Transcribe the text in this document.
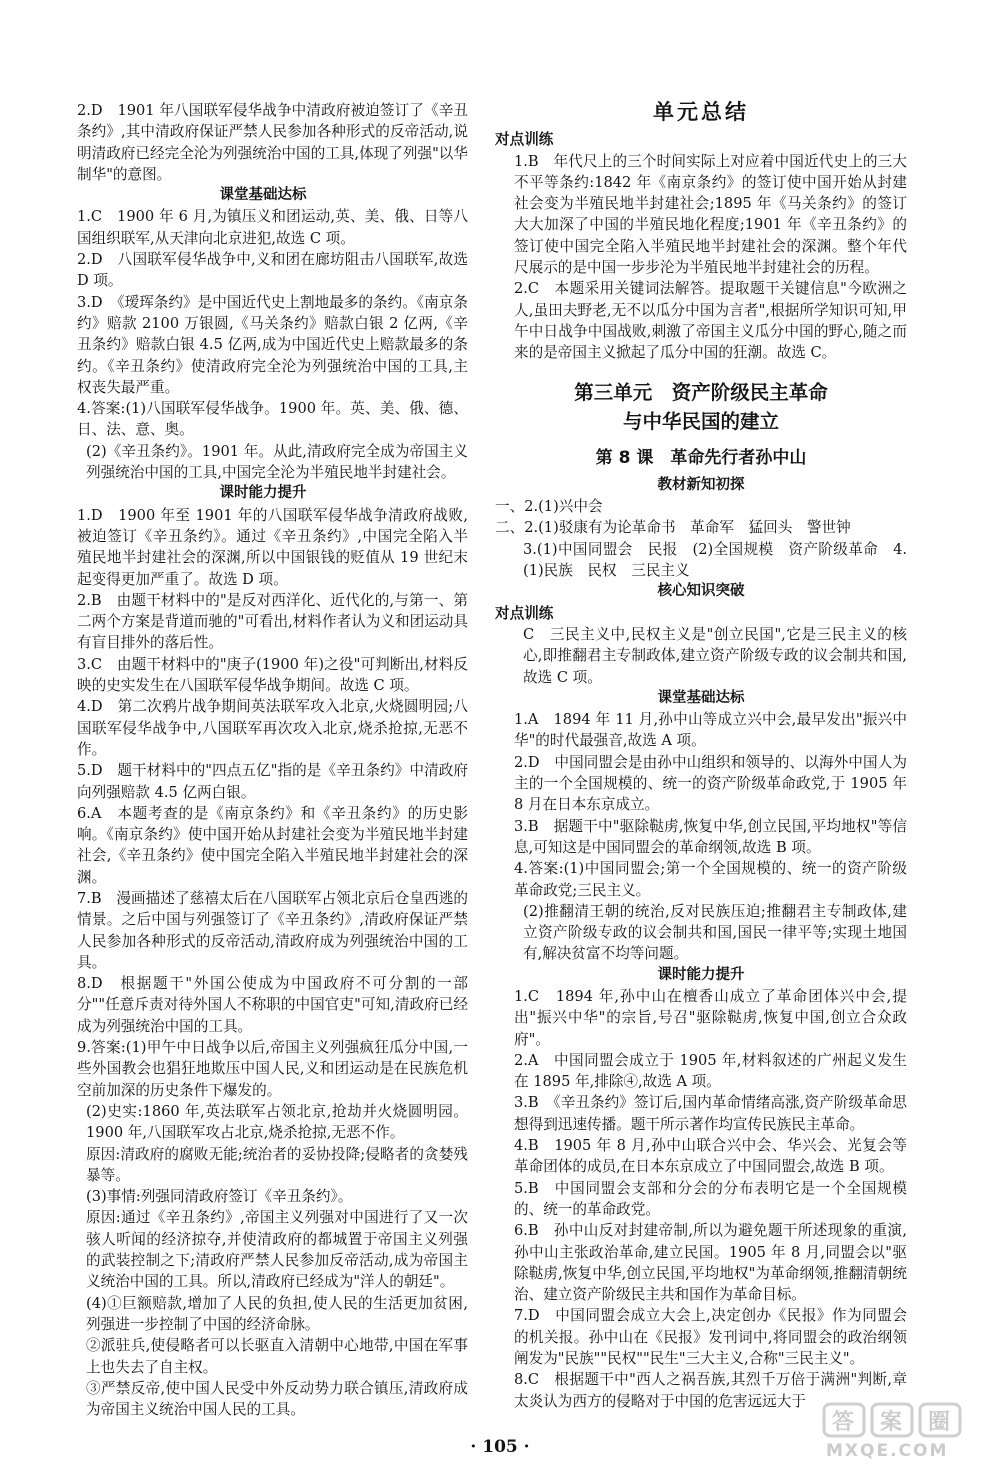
2.D　1901 年八国联军侵华战争中清政府被迫签订了《辛丑条约》,其中清政府保证严禁人民参加各种形式的反帝活动,说明清政府已经完全沦为列强统治中国的工具,体现了列强"以华制华"的意图。

课堂基础达标

1.C　1900 年 6 月,为镇压义和团运动,英、美、俄、日等八国组织联军,从天津向北京进犯,故选 C 项。

2.D　八国联军侵华战争中,义和团在廊坊阻击八国联军,故选 D 项。

3.D　《瑷珲条约》是中国近代史上割地最多的条约。《南京条约》赔款 2100 万银圆,《马关条约》赔款白银 2 亿两,《辛丑条约》赔款白银 4.5 亿两,成为中国近代史上赔款最多的条约。《辛丑条约》使清政府完全沦为列强统治中国的工具,主权丧失最严重。

4.答案:(1)八国联军侵华战争。1900 年。英、美、俄、德、日、法、意、奥。

(2)《辛丑条约》。1901 年。从此,清政府完全成为帝国主义列强统治中国的工具,中国完全沦为半殖民地半封建社会。

课时能力提升

1.D　1900 年至 1901 年的八国联军侵华战争清政府战败,被迫签订《辛丑条约》。通过《辛丑条约》,中国完全陷入半殖民地半封建社会的深渊,所以中国银钱的贬值从 19 世纪末起变得更加严重了。故选 D 项。

2.B　由题干材料中的"是反对西洋化、近代化的,与第一、第二两个方案是背道而驰的"可看出,材料作者认为义和团运动具有盲目排外的落后性。

3.C　由题干材料中的"庚子(1900 年)之役"可判断出,材料反映的史实发生在八国联军侵华战争期间。故选 C 项。

4.D　第二次鸦片战争期间英法联军攻入北京,火烧圆明园;八国联军侵华战争中,八国联军再次攻入北京,烧杀抢掠,无恶不作。

5.D　题干材料中的"四点五亿"指的是《辛丑条约》中清政府向列强赔款 4.5 亿两白银。

6.A　本题考查的是《南京条约》和《辛丑条约》的历史影响。《南京条约》使中国开始从封建社会变为半殖民地半封建社会,《辛丑条约》使中国完全陷入半殖民地半封建社会的深渊。

7.B　漫画描述了慈禧太后在八国联军占领北京后仓皇西逃的情景。之后中国与列强签订了《辛丑条约》,清政府保证严禁人民参加各种形式的反帝活动,清政府成为列强统治中国的工具。

8.D　根据题干"外国公使成为中国政府不可分割的一部分""任意斥责对待外国人不称职的中国官吏"可知,清政府已经成为列强统治中国的工具。

9.答案:(1)甲午中日战争以后,帝国主义列强疯狂瓜分中国,一些外国教会也猖狂地欺压中国人民,义和团运动是在民族危机空前加深的历史条件下爆发的。

(2)史实:1860 年,英法联军占领北京,抢劫并火烧圆明园。1900 年,八国联军攻占北京,烧杀抢掠,无恶不作。

原因:清政府的腐败无能;统治者的妥协投降;侵略者的贪婪残暴等。

(3)事情:列强同清政府签订《辛丑条约》。

原因:通过《辛丑条约》,帝国主义列强对中国进行了又一次骇人听闻的经济掠夺,并使清政府的都城置于帝国主义列强的武装控制之下;清政府严禁人民参加反帝活动,成为帝国主义统治中国的工具。所以,清政府已经成为"洋人的朝廷"。

(4)①巨额赔款,增加了人民的负担,使人民的生活更加贫困,列强进一步控制了中国的经济命脉。

②派驻兵,使侵略者可以长驱直入清朝中心地带,中国在军事上也失去了自主权。

③严禁反帝,使中国人民受中外反动势力联合镇压,清政府成为帝国主义统治中国人民的工具。

单元总结

对点训练

1.B　年代尺上的三个时间实际上对应着中国近代史上的三大不平等条约:1842 年《南京条约》的签订使中国开始从封建社会变为半殖民地半封建社会;1895 年《马关条约》的签订大大加深了中国的半殖民地化程度;1901 年《辛丑条约》的签订使中国完全陷入半殖民地半封建社会的深渊。整个年代尺展示的是中国一步步沦为半殖民地半封建社会的历程。

2.C　本题采用关键词法解答。提取题干关键信息"今欧洲之人,虽田夫野老,无不以瓜分中国为言者",根据所学知识可知,甲午中日战争中国战败,刺激了帝国主义瓜分中国的野心,随之而来的是帝国主义掀起了瓜分中国的狂潮。故选 C。

第三单元　资产阶级民主革命
与中华民国的建立
第 8 课　革命先行者孙中山

教材新知初探

一、2.(1)兴中会

二、2.(1)驳康有为论革命书　革命军　猛回头　警世钟

3.(1)中国同盟会　民报　(2)全国规模　资产阶级革命　4.(1)民族　民权　三民主义

核心知识突破

对点训练

C　三民主义中,民权主义是"创立民国",它是三民主义的核心,即推翻君主专制政体,建立资产阶级专政的议会制共和国,故选 C 项。

课堂基础达标

1.A　1894 年 11 月,孙中山等成立兴中会,最早发出"振兴中华"的时代最强音,故选 A 项。

2.D　中国同盟会是由孙中山组织和领导的、以海外中国人为主的一个全国规模的、统一的资产阶级革命政党,于 1905 年 8 月在日本东京成立。

3.B　据题干中"驱除鞑虏,恢复中华,创立民国,平均地权"等信息,可知这是中国同盟会的革命纲领,故选 B 项。

4.答案:(1)中国同盟会;第一个全国规模的、统一的资产阶级革命政党;三民主义。

(2)推翻清王朝的统治,反对民族压迫;推翻君主专制政体,建立资产阶级专政的议会制共和国,国民一律平等;实现土地国有,解决贫富不均等问题。

课时能力提升

1.C　1894 年,孙中山在檀香山成立了革命团体兴中会,提出"振兴中华"的宗旨,号召"驱除鞑虏,恢复中国,创立合众政府"。

2.A　中国同盟会成立于 1905 年,材料叙述的广州起义发生在 1895 年,排除④,故选 A 项。

3.B　《辛丑条约》签订后,国内革命情绪高涨,资产阶级革命思想得到迅速传播。题干所示著作均宣传民族民主革命。

4.B　1905 年 8 月,孙中山联合兴中会、华兴会、光复会等革命团体的成员,在日本东京成立了中国同盟会,故选 B 项。

5.B　中国同盟会支部和分会的分布表明它是一个全国规模的、统一的革命政党。

6.B　孙中山反对封建帝制,所以为避免题干所述现象的重演,孙中山主张政治革命,建立民国。1905 年 8 月,同盟会以"驱除鞑虏,恢复中华,创立民国,平均地权"为革命纲领,推翻清朝统治、建立资产阶级民主共和国作为革命目标。

7.D　中国同盟会成立大会上,决定创办《民报》作为同盟会的机关报。孙中山在《民报》发刊词中,将同盟会的政治纲领阐发为"民族""民权""民生"三大主义,合称"三民主义"。

8.C　根据题干中"西人之祸吾族,其烈千万倍于满洲"判断,章太炎认为西方的侵略对于中国的危害远远大于

· 105 ·
答 案 圈
MXQE.COM
